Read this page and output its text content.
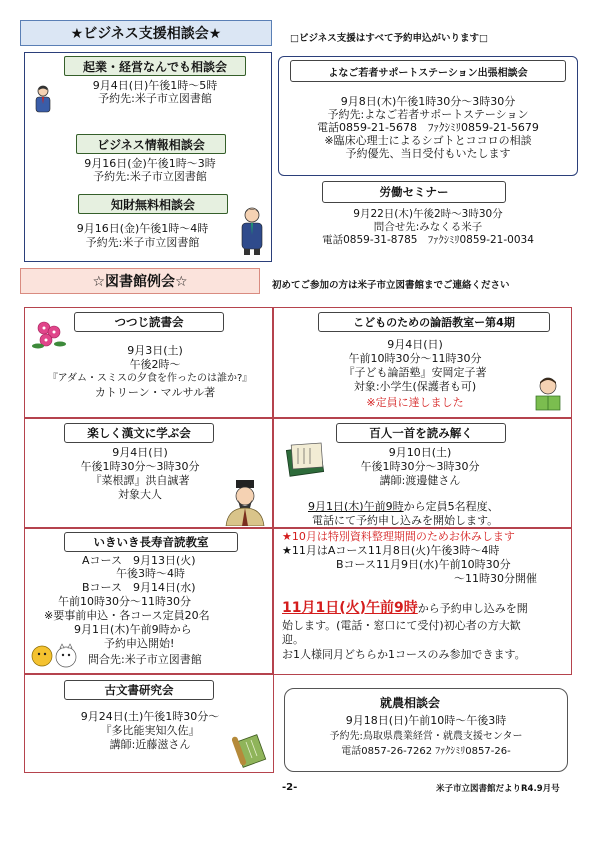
★ビジネス支援相談会★	□ビジネス支援はすべて予約申込がいります□
起業・経営なんでも相談会
9月4日(日)午後1時〜5時
予約先:米子市立図書館
ビジネス情報相談会
9月16日(金)午後1時〜3時
予約先:米子市立図書館
知財無料相談会
9月16日(金)午後1時〜4時
予約先:米子市立図書館
よなご若者サポートステーション出張相談会
9月8日(木)午後1時30分〜3時30分
予約先:よなご若者サポートステーション
電話0859-21-5678　ﾌｧｸｼﾐﾘ0859-21-5679
※臨床心理士によるシゴトとココロの相談
予約優先、当日受付もいたします
労働セミナー
9月22日(木)午後2時〜3時30分
問合せ先:みなくる米子
電話0859-31-8785　ﾌｧｸｼﾐﾘ0859-21-0034
☆図書館例会☆	初めてご参加の方は米子市立図書館までご連絡ください
つつじ読書会
9月3日(土)
午後2時〜
『アダム・スミスの夕食を作ったのは誰か?』
カトリーン・マルサル著
こどものための論語教室ー第4期
9月4日(日)
午前10時30分〜11時30分
『子ども論語塾』安岡定子著
対象:小学生(保護者も可)
※定員に達しました
楽しく漢文に学ぶ会
9月4日(日)
午後1時30分〜3時30分
『菜根譚』洪自誠著
対象大人
百人一首を読み解く
9月10日(土)
午後1時30分〜3時30分
講師:渡邊健さん
9月1日(木)午前9時から定員5名程度、
電話にて予約申し込みを開始します。
いきいき長寿音読教室
Aコース　9月13日(火)
午後3時〜4時
Bコース　9月14日(水)
午前10時30分〜11時30分
※要事前申込・各コース定員20名
9月1日(木)午前9時から
予約申込開始!
問合先:米子市立図書館
★10月は特別資料整理期間のためお休みします
★11月はAコース11月8日(火)午後3時〜4時
Bコース11月9日(水)午前10時30分
〜11時30分開催
11月1日(火)午前9時から予約申し込みを開
始します。(電話・窓口にて受付)初心者の方大歓
迎。
お1人様同月どちらか1コースのみ参加できます。
古文書研究会
9月24日(土)午後1時30分〜
『多比能実知久佐』
講師:近藤滋さん
就農相談会
9月18日(日)午前10時〜午後3時
予約先:鳥取県農業経営・就農支援センター
電話0857-26-7262 ﾌｧｸｼﾐﾘ0857-26-
-2-	米子市立図書館だよりR4.9月号
